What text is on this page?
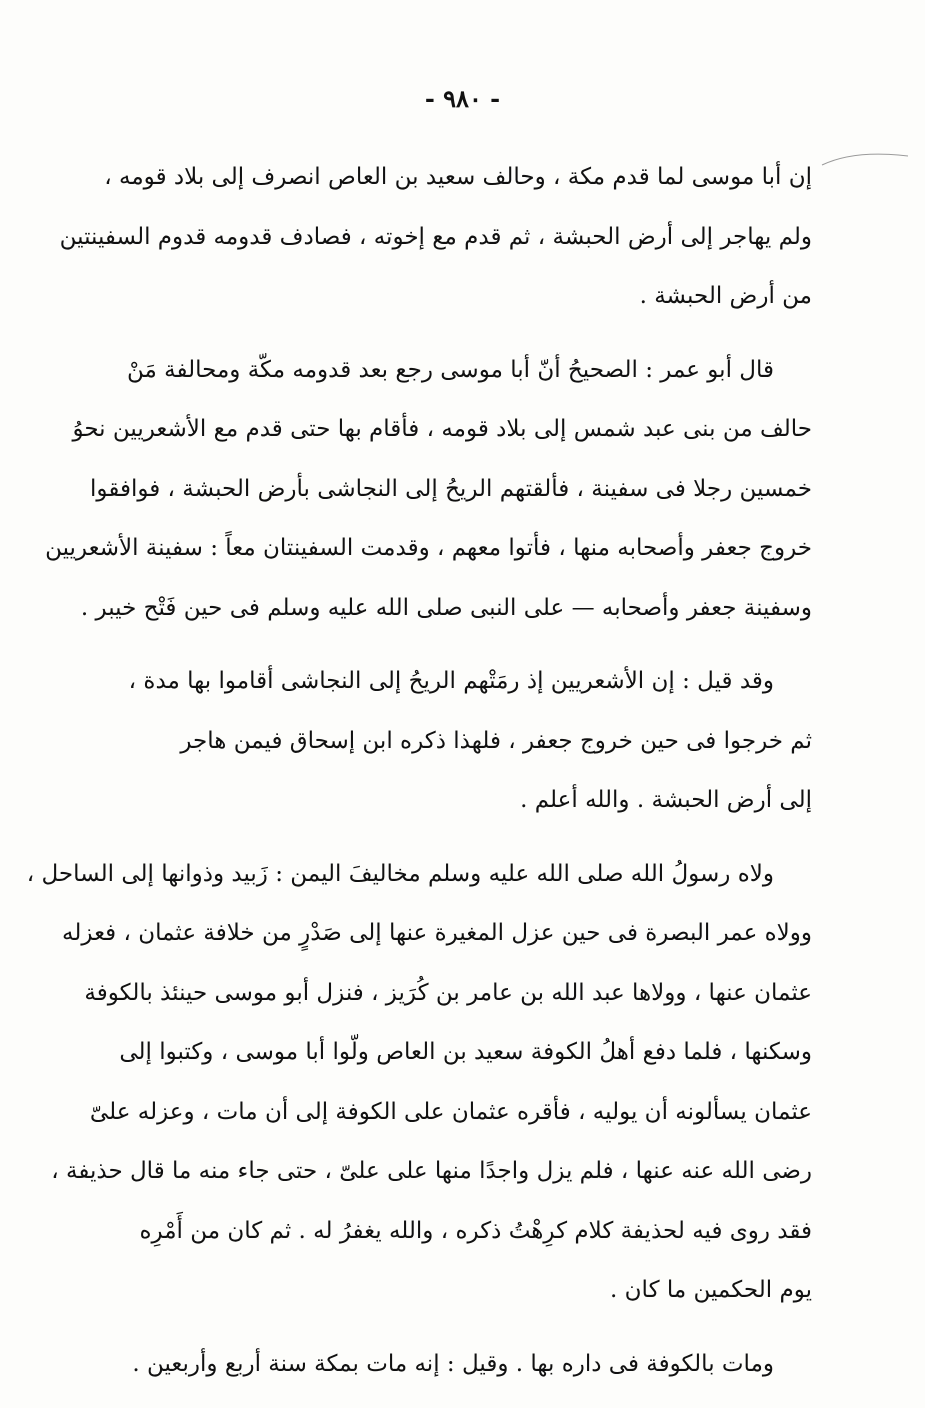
- ٩٨٠ -
إن أبا موسى لما قدم مكة ، وحالف سعيد بن العاص انصرف إلى بلاد قومه ،
ولم يهاجر إلى أرض الحبشة ، ثم قدم مع إخوته ، فصادف قدومه قدوم السفينتين
من أرض الحبشة .
قال أبو عمر : الصحيحُ أنّ أبا موسى رجع بعد قدومه مكّة ومحالفة مَنْ
حالف من بنى عبد شمس إلى بلاد قومه ، فأقام بها حتى قدم مع الأشعريين نحوُ
خمسين رجلا فى سفينة ، فألقتهم الريحُ إلى النجاشى بأرض الحبشة ، فوافقوا
خروج جعفر وأصحابه منها ، فأتوا معهم ، وقدمت السفينتان معاً : سفينة الأشعريين
وسفينة جعفر وأصحابه — على النبى صلى الله عليه وسلم فى حين فَتْح خيبر .
وقد قيل : إن الأشعريين إذ رمَتْهم الريحُ إلى النجاشى أقاموا بها مدة ،
ثم خرجوا فى حين خروج جعفر ، فلهذا ذكره ابن إسحاق فيمن هاجر
إلى أرض الحبشة . والله أعلم .
ولاه رسولُ الله صلى الله عليه وسلم مخاليفَ اليمن : زَبيد وذوانها إلى الساحل ،
وولاه عمر البصرة فى حين عزل المغيرة عنها إلى صَدْرٍ من خلافة عثمان ، فعزله
عثمان عنها ، وولاها عبد الله بن عامر بن كُرَيز ، فنزل أبو موسى حينئذ بالكوفة
وسكنها ، فلما دفع أهلُ الكوفة سعيد بن العاص ولّوا أبا موسى ، وكتبوا إلى
عثمان يسألونه أن يوليه ، فأقره عثمان على الكوفة إلى أن مات ، وعزله علىّ
رضى الله عنه عنها ، فلم يزل واجدًا منها على علىّ ، حتى جاء منه ما قال حذيفة ،
فقد روى فيه لحذيفة كلام كرِهْتُ ذكره ، والله يغفرُ له . ثم كان من أَمْرِه
يوم الحكمين ما كان .
ومات بالكوفة فى داره بها . وقيل : إنه مات بمكة سنة أربع وأربعين .
